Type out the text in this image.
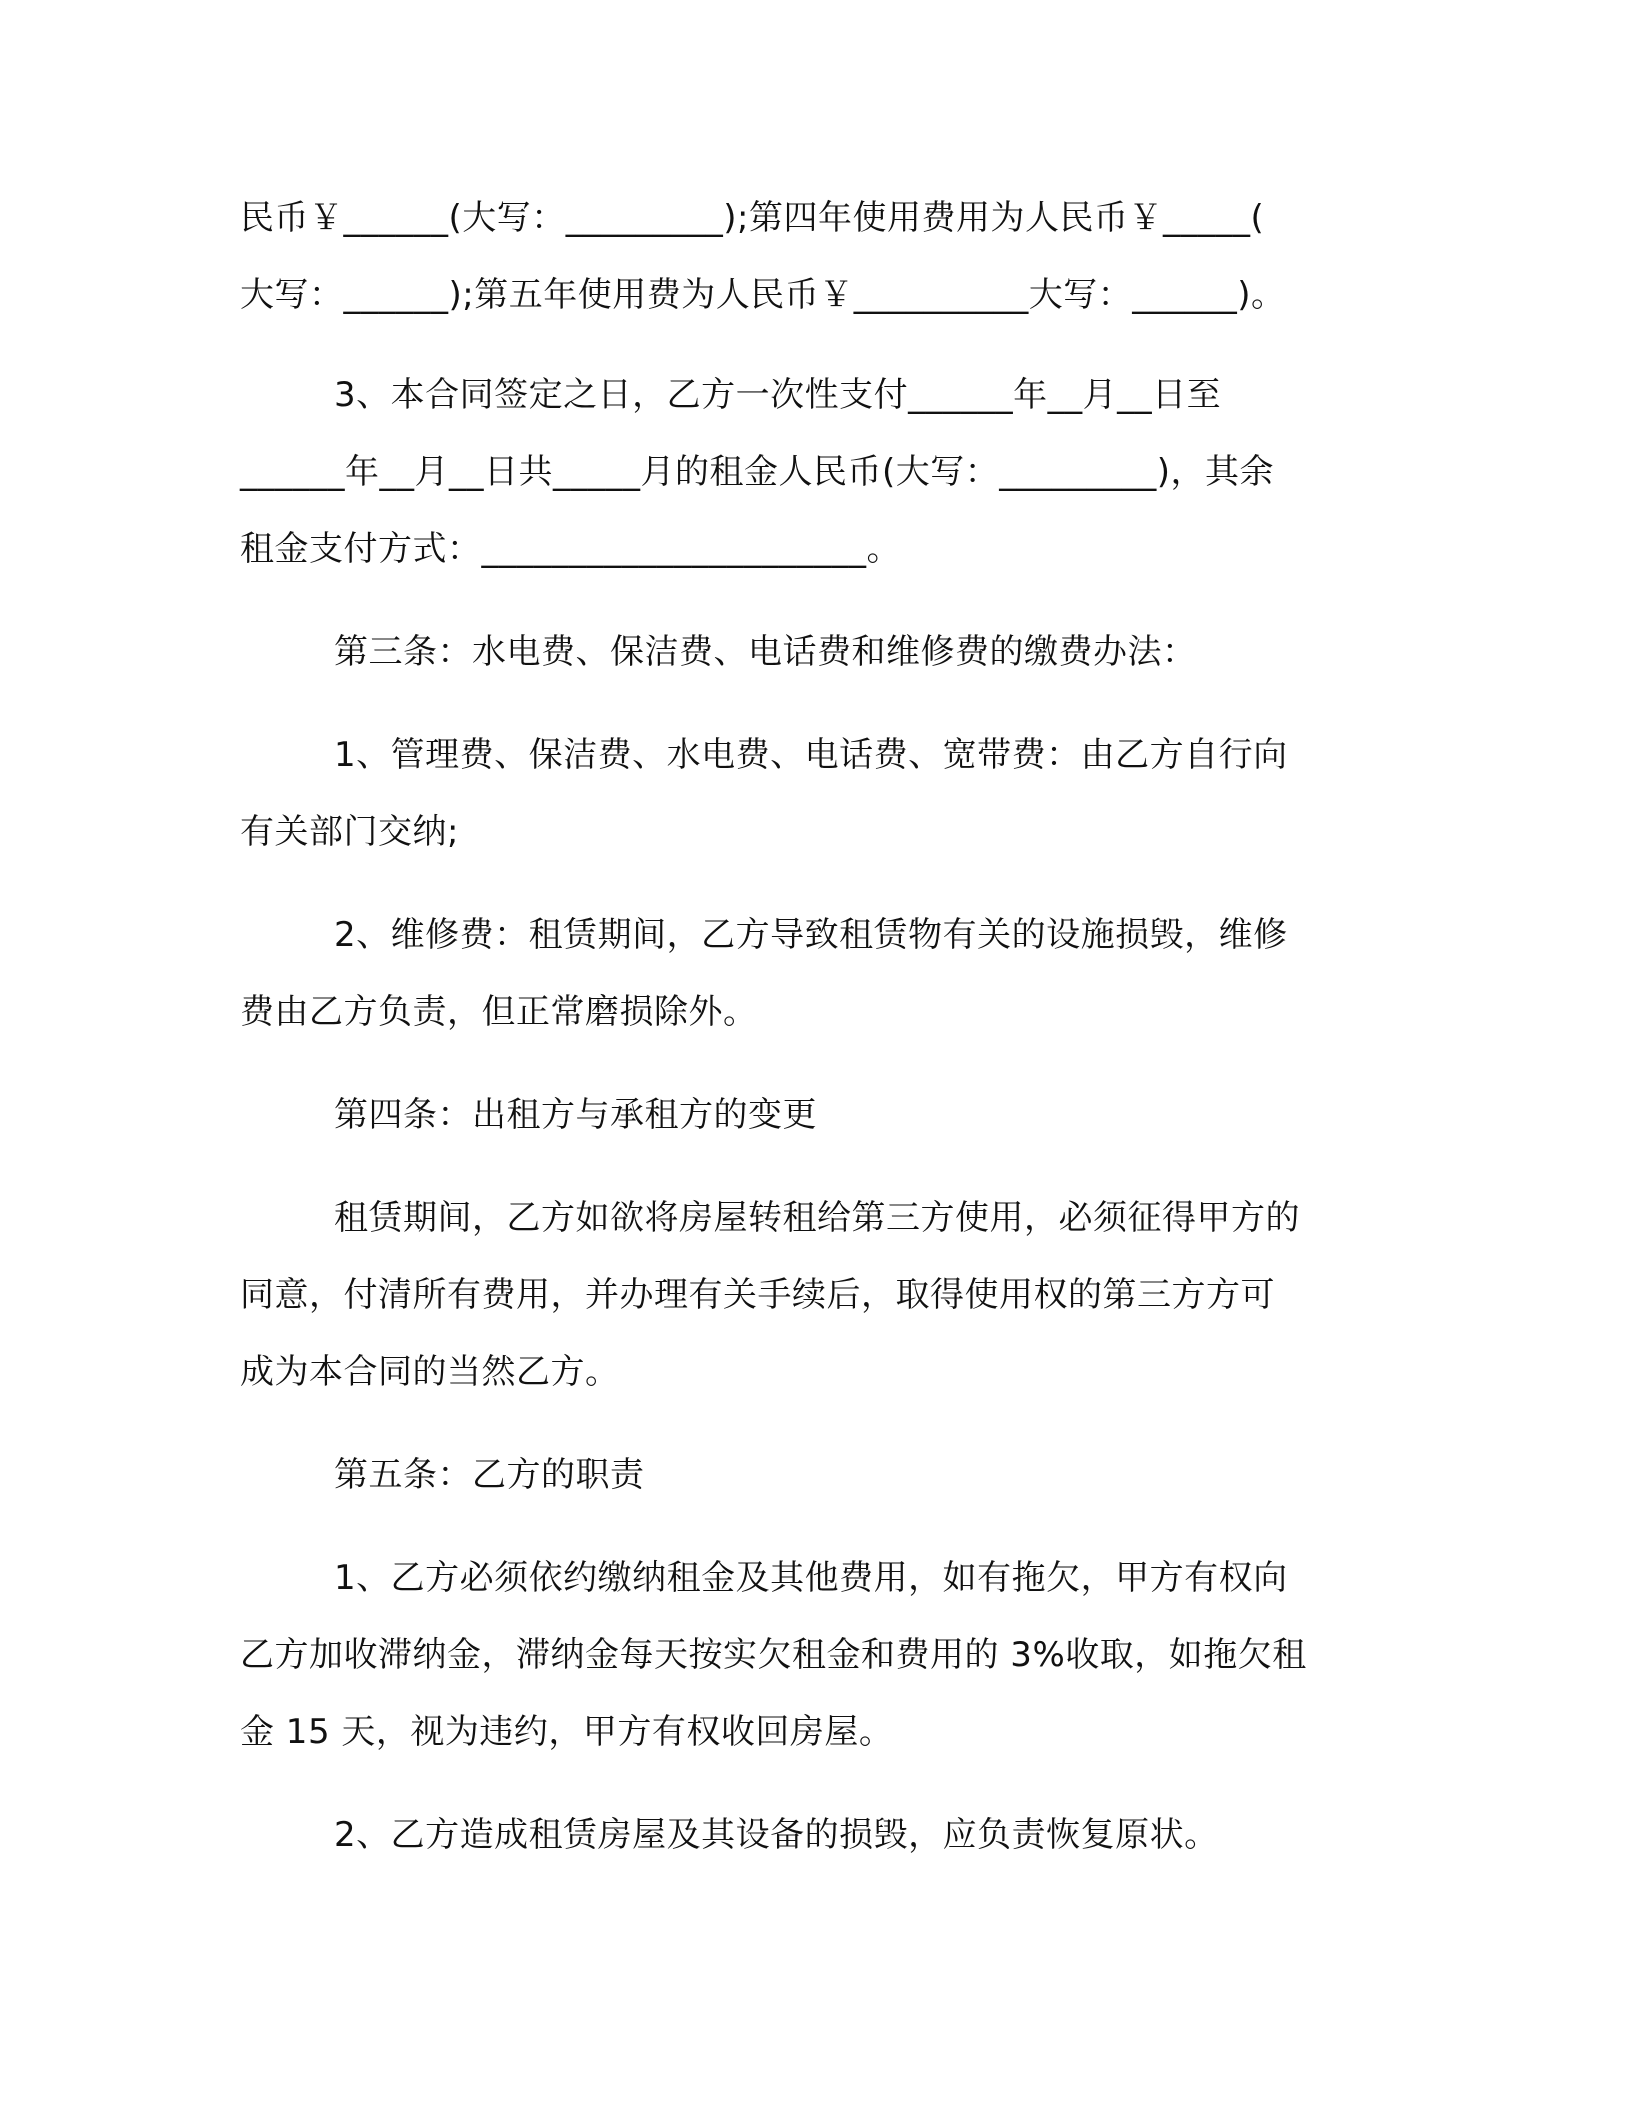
民币￥______(大写：_________);第四年使用费用为人民币￥_____(
大写：______);第五年使用费为人民币￥__________大写：______)。
3、本合同签定之日，乙方一次性支付______年__月__日至
______年__月__日共_____月的租金人民币(大写：_________)，其余
租金支付方式：______________________。
第三条：水电费、保洁费、电话费和维修费的缴费办法：
1、管理费、保洁费、水电费、电话费、宽带费：由乙方自行向
有关部门交纳;
2、维修费：租赁期间，乙方导致租赁物有关的设施损毁，维修
费由乙方负责，但正常磨损除外。
第四条：出租方与承租方的变更
租赁期间，乙方如欲将房屋转租给第三方使用，必须征得甲方的
同意，付清所有费用，并办理有关手续后，取得使用权的第三方方可
成为本合同的当然乙方。
第五条：乙方的职责
1、乙方必须依约缴纳租金及其他费用，如有拖欠，甲方有权向
乙方加收滞纳金，滞纳金每天按实欠租金和费用的 3%收取，如拖欠租
金 15 天，视为违约，甲方有权收回房屋。
2、乙方造成租赁房屋及其设备的损毁，应负责恢复原状。
